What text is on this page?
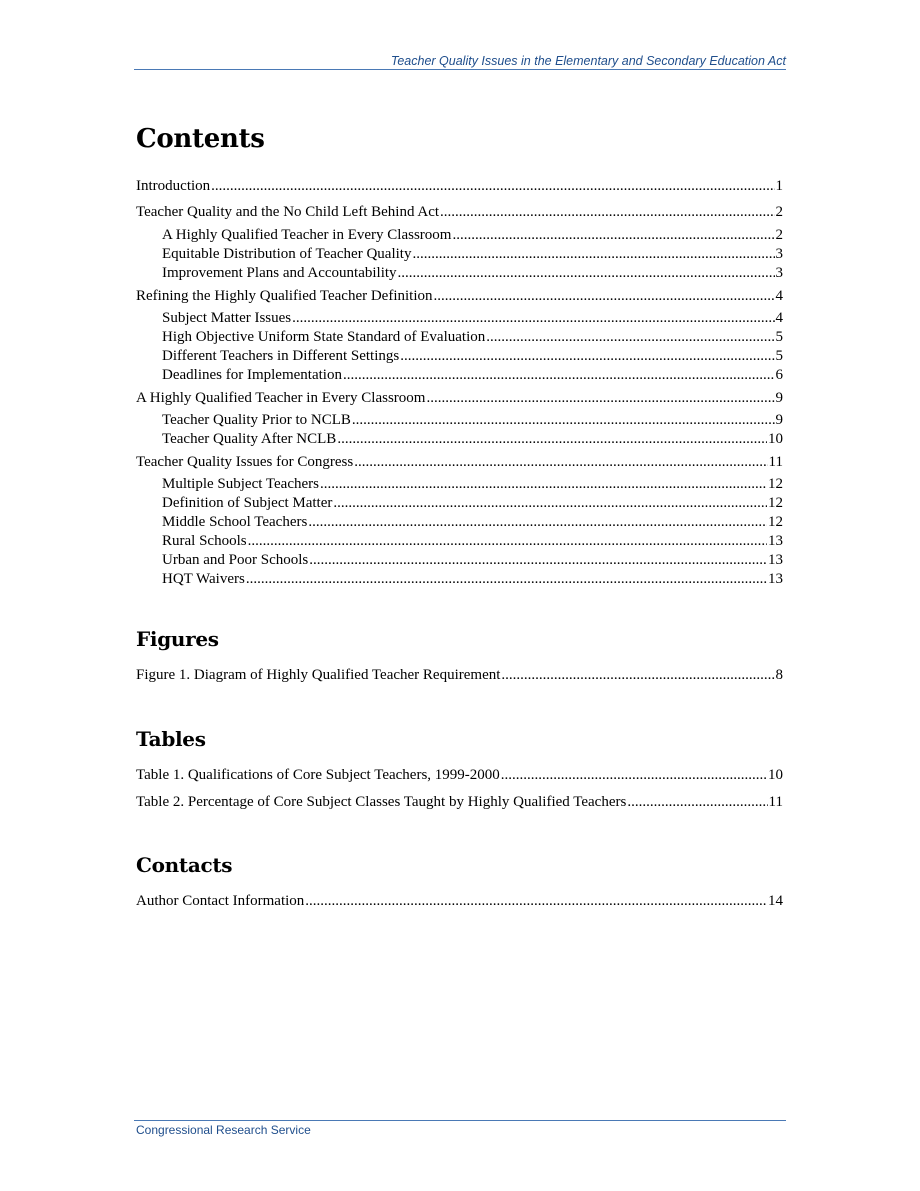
Teacher Quality Issues in the Elementary and Secondary Education Act
Contents
Introduction .....	1
Teacher Quality and the No Child Left Behind Act .....	2
A Highly Qualified Teacher in Every Classroom .....	2
Equitable Distribution of Teacher Quality .....	3
Improvement Plans and Accountability .....	3
Refining the Highly Qualified Teacher Definition .....	4
Subject Matter Issues .....	4
High Objective Uniform State Standard of Evaluation .....	5
Different Teachers in Different Settings .....	5
Deadlines for Implementation .....	6
A Highly Qualified Teacher in Every Classroom .....	9
Teacher Quality Prior to NCLB .....	9
Teacher Quality After NCLB .....	10
Teacher Quality Issues for Congress .....	11
Multiple Subject Teachers .....	12
Definition of Subject Matter .....	12
Middle School Teachers .....	12
Rural Schools .....	13
Urban and Poor Schools .....	13
HQT Waivers .....	13
Figures
Figure 1. Diagram of Highly Qualified Teacher Requirement .....	8
Tables
Table 1. Qualifications of Core Subject Teachers, 1999-2000 .....	10
Table 2. Percentage of Core Subject Classes Taught by Highly Qualified Teachers .....	11
Contacts
Author Contact Information .....	14
Congressional Research Service
